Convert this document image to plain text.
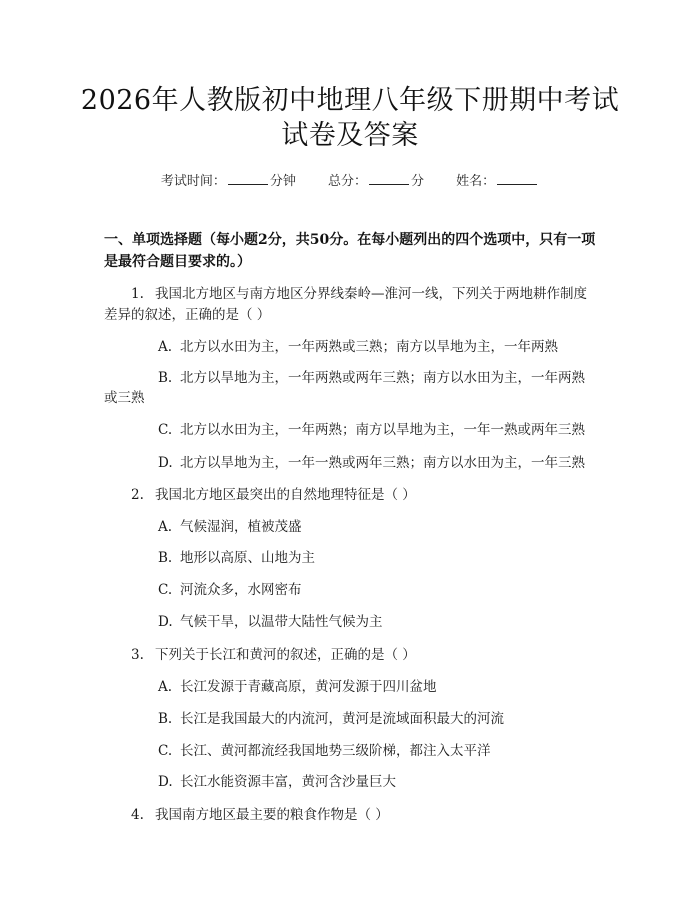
2026年人教版初中地理八年级下册期中考试
试卷及答案
考试时间：	分钟 总分：	分 姓名：
一、单项选择题（每小题2分，共50分。在每小题列出的四个选项中，只有一项是最符合题目要求的。）
1. 我国北方地区与南方地区分界线秦岭—淮河一线，下列关于两地耕作制度
差异的叙述，正确的是（ ）
A. 北方以水田为主，一年两熟或三熟；南方以旱地为主，一年两熟
B. 北方以旱地为主，一年两熟或两年三熟；南方以水田为主，一年两熟
或三熟
C. 北方以水田为主，一年两熟；南方以旱地为主，一年一熟或两年三熟
D. 北方以旱地为主，一年一熟或两年三熟；南方以水田为主，一年三熟
2. 我国北方地区最突出的自然地理特征是（ ）
A. 气候湿润，植被茂盛
B. 地形以高原、山地为主
C. 河流众多，水网密布
D. 气候干旱，以温带大陆性气候为主
3. 下列关于长江和黄河的叙述，正确的是（ ）
A. 长江发源于青藏高原，黄河发源于四川盆地
B. 长江是我国最大的内流河，黄河是流域面积最大的河流
C. 长江、黄河都流经我国地势三级阶梯，都注入太平洋
D. 长江水能资源丰富，黄河含沙量巨大
4. 我国南方地区最主要的粮食作物是（ ）
